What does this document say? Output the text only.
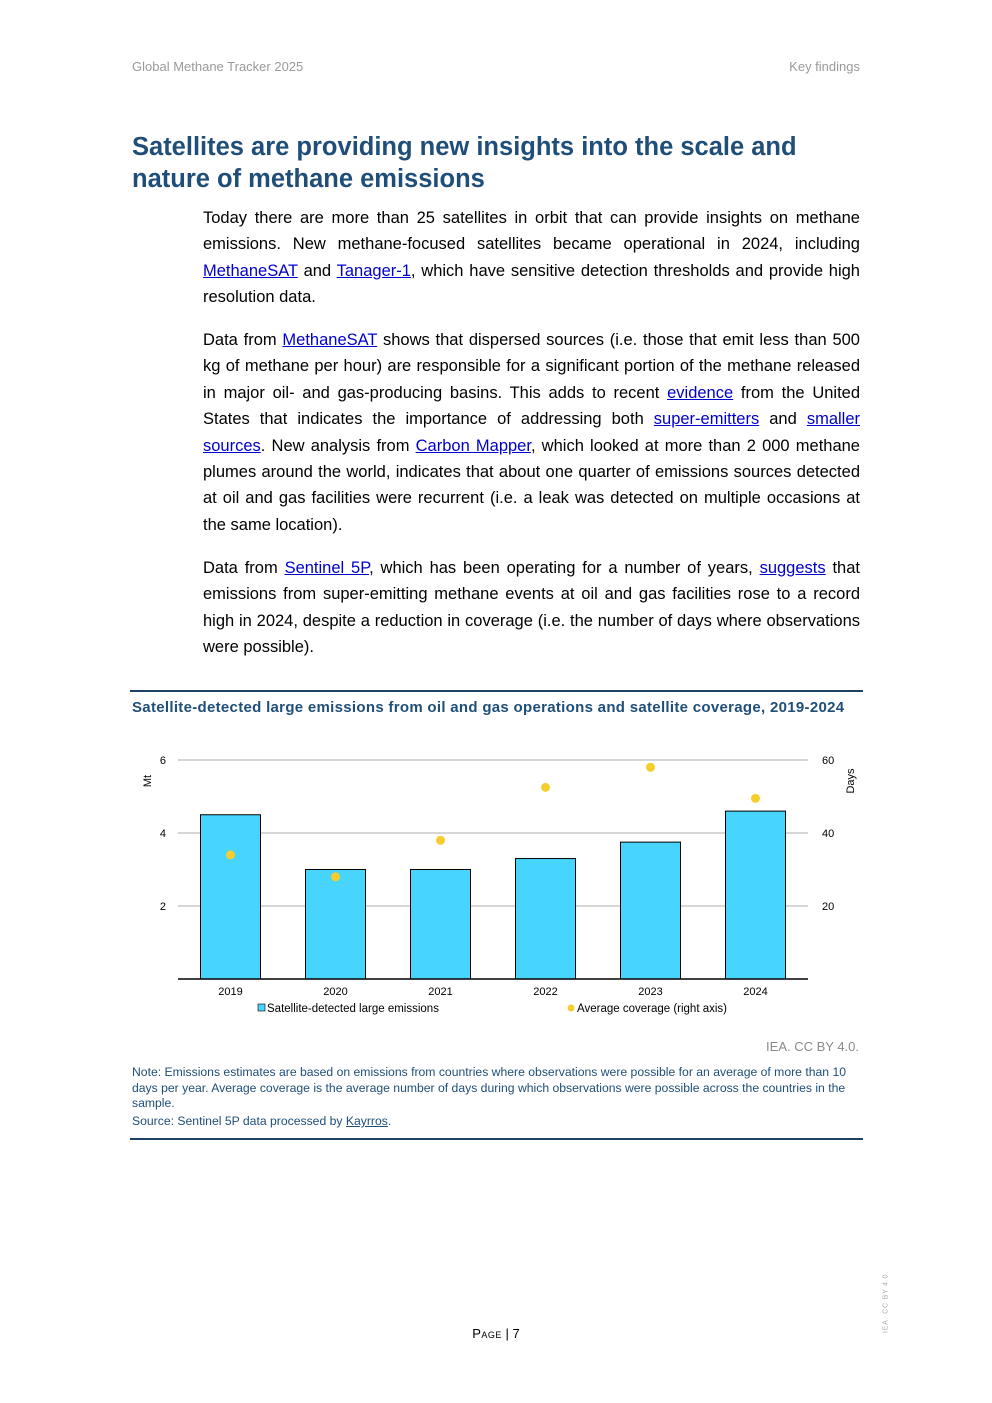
Global Methane Tracker 2025	Key findings
Satellites are providing new insights into the scale and nature of methane emissions

Today there are more than 25 satellites in orbit that can provide insights on methane emissions. New methane-focused satellites became operational in 2024, including MethaneSAT and Tanager-1, which have sensitive detection thresholds and provide high resolution data.

Data from MethaneSAT shows that dispersed sources (i.e. those that emit less than 500 kg of methane per hour) are responsible for a significant portion of the methane released in major oil- and gas-producing basins. This adds to recent evidence from the United States that indicates the importance of addressing both super-emitters and smaller sources. New analysis from Carbon Mapper, which looked at more than 2 000 methane plumes around the world, indicates that about one quarter of emissions sources detected at oil and gas facilities were recurrent (i.e. a leak was detected on multiple occasions at the same location).

Data from Sentinel 5P, which has been operating for a number of years, suggests that emissions from super-emitting methane events at oil and gas facilities rose to a record high in 2024, despite a reduction in coverage (i.e. the number of days where observations were possible).

Satellite-detected large emissions from oil and gas operations and satellite coverage, 2019-2024
2
4
6
20
40
60
Mt	Days
2019	2020	2021	2022	2023	2024
Satellite-detected large emissions	Average coverage (right axis)
IEA. CC BY 4.0.
Note: Emissions estimates are based on emissions from countries where observations were possible for an average of more than 10 days per year. Average coverage is the average number of days during which observations were possible across the countries in the sample.
Source: Sentinel 5P data processed by Kayrros.
Page | 7
IEA. CC BY 4.0.
